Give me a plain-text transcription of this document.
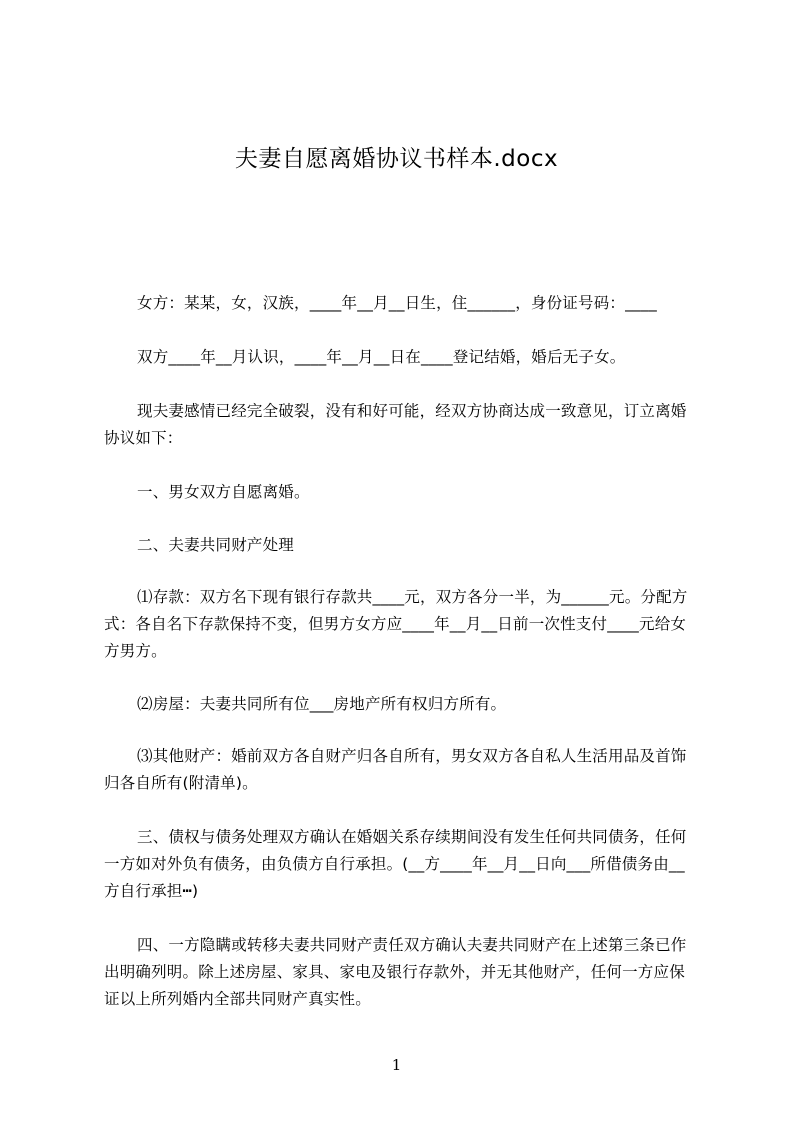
夫妻自愿离婚协议书样本.docx
女方：某某，女，汉族，____年__月__日生，住______，身份证号码：____
双方____年__月认识，____年__月__日在____登记结婚，婚后无子女。
现夫妻感情已经完全破裂，没有和好可能，经双方协商达成一致意见，订立离婚
协议如下：
一、男女双方自愿离婚。
二、夫妻共同财产处理
⑴存款：双方名下现有银行存款共____元，双方各分一半，为______元。分配方
式：各自名下存款保持不变，但男方女方应____年__月__日前一次性支付____元给女
方男方。
⑵房屋：夫妻共同所有位___房地产所有权归方所有。
⑶其他财产：婚前双方各自财产归各自所有，男女双方各自私人生活用品及首饰
归各自所有(附清单)。
三、债权与债务处理双方确认在婚姻关系存续期间没有发生任何共同债务，任何
一方如对外负有债务，由负债方自行承担。(__方____年__月__日向___所借债务由__
方自行承担┅)
四、一方隐瞒或转移夫妻共同财产责任双方确认夫妻共同财产在上述第三条已作
出明确列明。除上述房屋、家具、家电及银行存款外，并无其他财产，任何一方应保
证以上所列婚内全部共同财产真实性。
1
